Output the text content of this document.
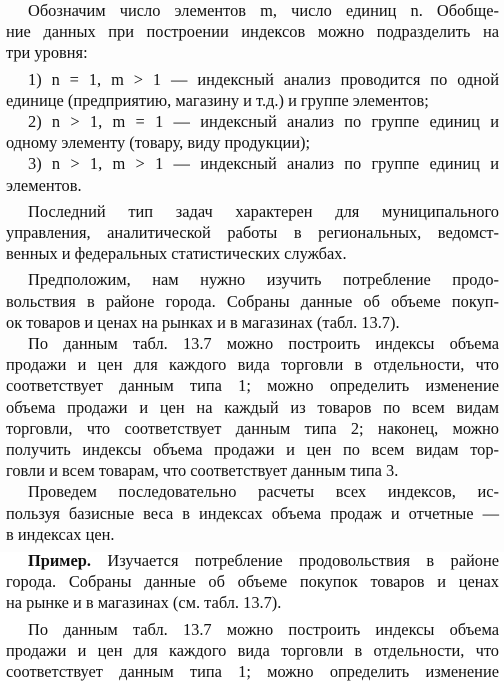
Обозначим число элементов m, число единиц n. Обобще-

ние данных при построении индексов можно подразделить на
три уровня:

1) n = 1, m > 1 — индексный анализ проводится по одной

единице (предприятию, магазину и т.д.) и группе элементов;

2) n > 1, m = 1 — индексный анализ по группе единиц и

одному элементу (товару, виду продукции);

3) n > 1, m > 1 — индексный анализ по группе единиц и

элементов.

Последний тип задач характерен для муниципального

управления, аналитической работы в региональных, ведомст-
венных и федеральных статистических службах.

Предположим, нам нужно изучить потребление продо-

вольствия в районе города. Собраны данные об объеме покуп-
ок товаров и ценах на рынках и в магазинах (табл. 13.7).

По данным табл. 13.7 можно построить индексы объема

продажи и цен для каждого вида торговли в отдельности, что
соответствует данным типа 1; можно определить изменение
объема продажи и цен на каждый из товаров по всем видам
торговли, что соответствует данным типа 2; наконец, можно
получить индексы объема продажи и цен по всем видам тор-
говли и всем товарам, что соответствует данным типа 3.

Проведем последовательно расчеты всех индексов, ис-

пользуя базисные веса в индексах объема продаж и отчетные —
в индексах цен.

Пример. Изучается потребление продовольствия в районе

города. Собраны данные об объеме покупок товаров и ценах
на рынке и в магазинах (см. табл. 13.7).

По данным табл. 13.7 можно построить индексы объема

продажи и цен для каждого вида торговли в отдельности, что
соответствует данным типа 1; можно определить изменение
